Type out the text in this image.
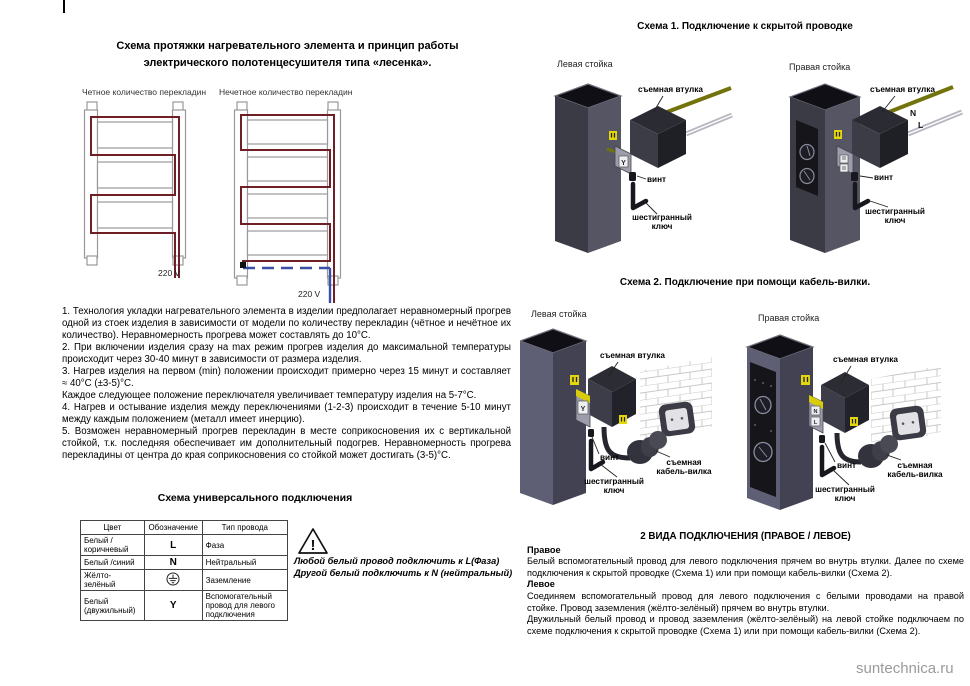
Схема протяжки нагревательного элемента и принцип работы
электрического полотенцесушителя типа «лесенка».
Четное количество перекладин Нечетное количество перекладин
220 V
220 V

1. Технология укладки нагревательного элемента в изделии предполагает неравномерный прогрев одной из стоек изделия в зависимости от модели по количеству перекладин (чётное и нечётное их количество). Неравномерность прогрева может составлять до 10°С.

2. При включении изделия сразу на max режим прогрев изделия до максимальной температуры происходит через 30-40 минут в зависимости от размера изделия.

3. Нагрев изделия на первом (min) положении происходит примерно через 15 минут и составляет ≈ 40°С (±3-5)°С.

Каждое следующее положение переключателя увеличивает температуру изделия на 5-7°С.

4. Нагрев и остывание изделия между переключениями (1-2-3) происходит в течение 5-10 минут между каждым положением (металл имеет инерцию).

5. Возможен неравномерный прогрев перекладин в месте соприкосновения их с вертикальной стойкой, т.к. последняя обеспечивает им дополнительный подогрев. Неравномерность прогрева перекладины от центра до края соприкосновения со стойкой может достигать (3-5)°С.

Схема универсального подключения
Цвет	Обозначение	Тип провода
Белый /коричневый	L	Фаза
Белый /синий	N	Нейтральный
Жёлто-зелёный		Заземление
Белый (двужильный)	Y	Вспомогательный провод для левого подключения
!
Любой белый провод подключить к L(Фаза)
Другой белый подключить к N (нейтральный)
Схема 1. Подключение к скрытой проводке
Левая стойка	Правая стойка
Y
съемная втулка
винт
шестигранный
ключ
N
L
съемная втулка
винт
шестигранный
ключ
Схема 2. Подключение при помощи кабель-вилки.
Левая стойка	Правая стойка
Y
съемная втулка
винт
шестигранный
ключ
съемная
кабель-вилка
N
L
съемная втулка
винт
шестигранный
ключ
съемная
кабель-вилка

2 ВИДА ПОДКЛЮЧЕНИЯ (ПРАВОЕ / ЛЕВОЕ)

Правое

Белый вспомогательный провод для левого подключения прячем во внутрь втулки. Далее по схеме подключения к скрытой проводке (Схема 1) или при помощи кабель-вилки (Схема 2).

Левое

Соединяем вспомогательный провод для левого подключения с белыми проводами на правой стойке. Провод заземления (жёлто-зелёный) прячем во внутрь втулки.

Двужильный белый провод и провод заземления (жёлто-зелёный) на левой стойке подключаем по схеме подключения к скрытой проводке (Схема 1) или при помощи кабель-вилки (Схема 2).

suntechnica.ru
